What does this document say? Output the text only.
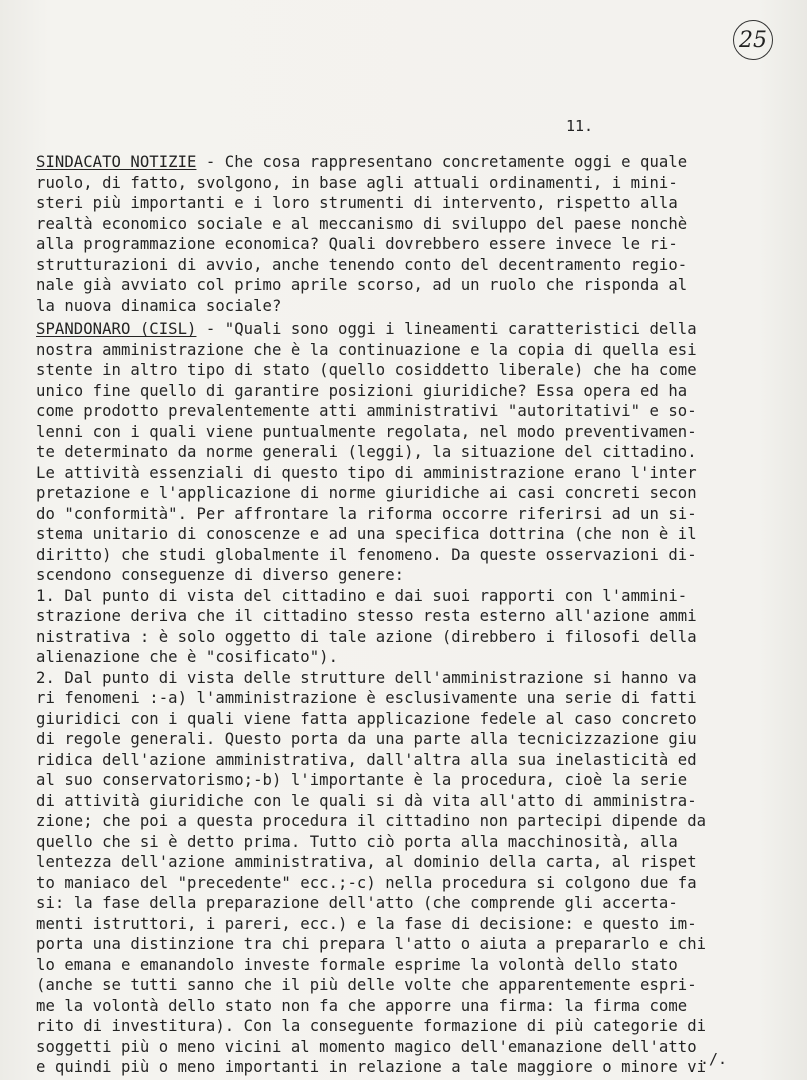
25
11.
SINDACATO NOTIZIE - Che cosa rappresentano concretamente oggi e quale
ruolo, di fatto, svolgono, in base agli attuali ordinamenti, i mini-
steri più importanti e i loro strumenti di intervento, rispetto alla
realtà economico sociale e al meccanismo di sviluppo del paese nonchè
alla programmazione economica? Quali dovrebbero essere invece le ri-
strutturazioni di avvio, anche tenendo conto del decentramento regio-
nale già avviato col primo aprile scorso, ad un ruolo che risponda al
la nuova dinamica sociale?
SPANDONARO (CISL) - "Quali sono oggi i lineamenti caratteristici della
nostra amministrazione che è la continuazione e la copia di quella esi
stente in altro tipo di stato (quello cosiddetto liberale) che ha come
unico fine quello di garantire posizioni giuridiche? Essa opera ed ha
come prodotto prevalentemente atti amministrativi "autoritativi" e so-
lenni con i quali viene puntualmente regolata, nel modo preventivamen-
te determinato da norme generali (leggi), la situazione del cittadino.
Le attività essenziali di questo tipo di amministrazione erano l'inter
pretazione e l'applicazione di norme giuridiche ai casi concreti secon
do "conformità". Per affrontare la riforma occorre riferirsi ad un si-
stema unitario di conoscenze e ad una specifica dottrina (che non è il
diritto) che studi globalmente il fenomeno. Da queste osservazioni di-
scendono conseguenze di diverso genere:
1. Dal punto di vista del cittadino e dai suoi rapporti con l'ammini-
strazione deriva che il cittadino stesso resta esterno all'azione ammi
nistrativa : è solo oggetto di tale azione (direbbero i filosofi della
alienazione che è "cosificato").
2. Dal punto di vista delle strutture dell'amministrazione si hanno va
ri fenomeni :-a) l'amministrazione è esclusivamente una serie di fatti
giuridici con i quali viene fatta applicazione fedele al caso concreto
di regole generali. Questo porta da una parte alla tecnicizzazione giu
ridica dell'azione amministrativa, dall'altra alla sua inelasticità ed
al suo conservatorismo;-b) l'importante è la procedura, cioè la serie
di attività giuridiche con le quali si dà vita all'atto di amministra-
zione; che poi a questa procedura il cittadino non partecipi dipende da
quello che si è detto prima. Tutto ciò porta alla macchinosità, alla
lentezza dell'azione amministrativa, al dominio della carta, al rispet
to maniaco del "precedente" ecc.;-c) nella procedura si colgono due fa
si: la fase della preparazione dell'atto (che comprende gli accerta-
menti istruttori, i pareri, ecc.) e la fase di decisione: e questo im-
porta una distinzione tra chi prepara l'atto o aiuta a prepararlo e chi
lo emana e emanandolo investe formale esprime la volontà dello stato
(anche se tutti sanno che il più delle volte che apparentemente espri-
me la volontà dello stato non fa che apporre una firma: la firma come
rito di investitura). Con la conseguente formazione di più categorie di
soggetti più o meno vicini al momento magico dell'emanazione dell'atto
e quindi più o meno importanti in relazione a tale maggiore o minore vi
./.
